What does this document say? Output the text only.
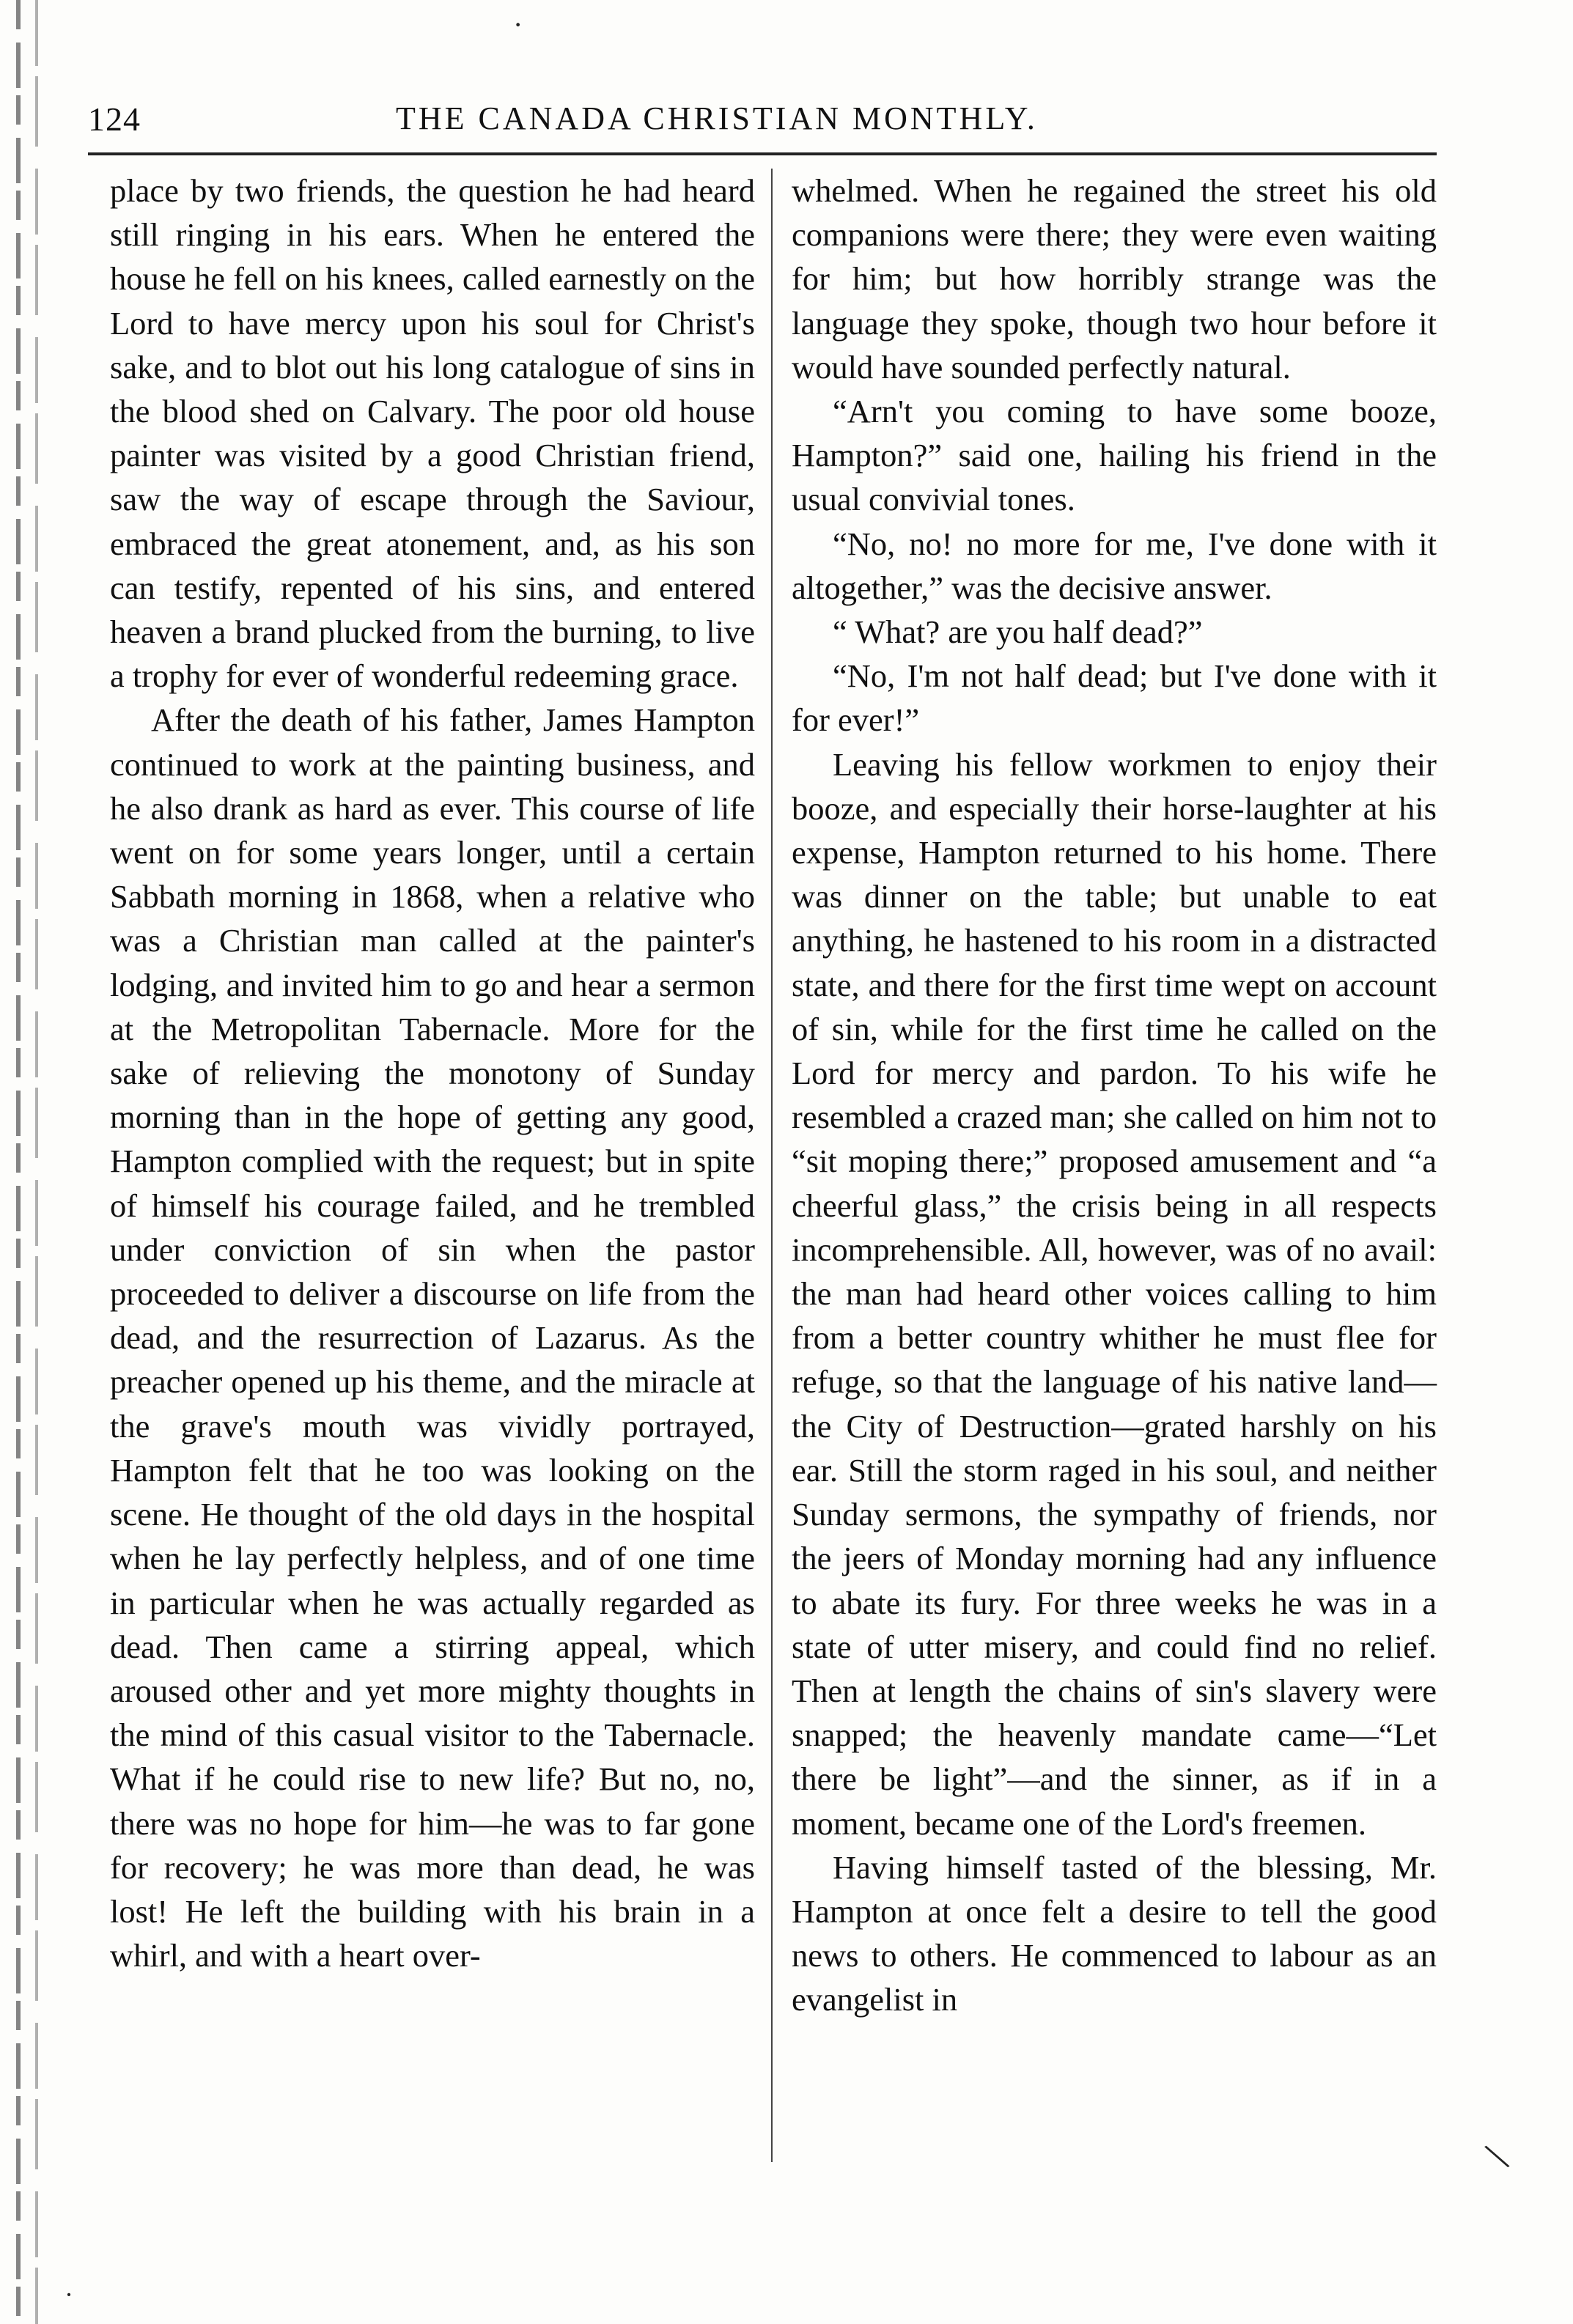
·
124	THE CANADA CHRISTIAN MONTHLY.

place by two friends, the question he had heard still ringing in his ears. When he entered the house he fell on his knees, called earnestly on the Lord to have mercy upon his soul for Christ's sake, and to blot out his long catalogue of sins in the blood shed on Calvary. The poor old house painter was visited by a good Christian friend, saw the way of escape through the Saviour, embraced the great atonement, and, as his son can testify, repented of his sins, and entered heaven a brand plucked from the burning, to live a trophy for ever of wonderful redeeming grace.

After the death of his father, James Hampton continued to work at the painting business, and he also drank as hard as ever. This course of life went on for some years longer, until a certain Sabbath morning in 1868, when a relative who was a Christian man called at the painter's lodging, and invited him to go and hear a sermon at the Metropolitan Tabernacle. More for the sake of relieving the monotony of Sunday morning than in the hope of getting any good, Hampton complied with the request; but in spite of himself his courage failed, and he trembled under conviction of sin when the pastor proceeded to deliver a discourse on life from the dead, and the resurrection of Lazarus. As the preacher opened up his theme, and the miracle at the grave's mouth was vividly portrayed, Hampton felt that he too was looking on the scene. He thought of the old days in the hospital when he lay perfectly helpless, and of one time in particular when he was actually regarded as dead. Then came a stirring appeal, which aroused other and yet more mighty thoughts in the mind of this casual visitor to the Tabernacle. What if he could rise to new life? But no, no, there was no hope for him—he was to far gone for recovery; he was more than dead, he was lost! He left the building with his brain in a whirl, and with a heart over-

whelmed. When he regained the street his old companions were there; they were even waiting for him; but how horribly strange was the language they spoke, though two hour before it would have sounded perfectly natural.

“Arn't you coming to have some booze, Hampton?” said one, hailing his friend in the usual convivial tones.

“No, no! no more for me, I've done with it altogether,” was the decisive answer.

“ What? are you half dead?”

“No, I'm not half dead; but I've done with it for ever!”

Leaving his fellow workmen to enjoy their booze, and especially their horse-laughter at his expense, Hampton returned to his home. There was dinner on the table; but unable to eat anything, he hastened to his room in a distracted state, and there for the first time wept on account of sin, while for the first time he called on the Lord for mercy and pardon. To his wife he resembled a crazed man; she called on him not to “sit moping there;” proposed amusement and “a cheerful glass,” the crisis being in all respects incomprehensible. All, however, was of no avail: the man had heard other voices calling to him from a better country whither he must flee for refuge, so that the language of his native land—the City of Destruction—grated harshly on his ear. Still the storm raged in his soul, and neither Sunday sermons, the sympathy of friends, nor the jeers of Monday morning had any influence to abate its fury. For three weeks he was in a state of utter misery, and could find no relief. Then at length the chains of sin's slavery were snapped; the heavenly mandate came—“Let there be light”—and the sinner, as if in a moment, became one of the Lord's freemen.

Having himself tasted of the blessing, Mr. Hampton at once felt a desire to tell the good news to others. He commenced to labour as an evangelist in

\
·
